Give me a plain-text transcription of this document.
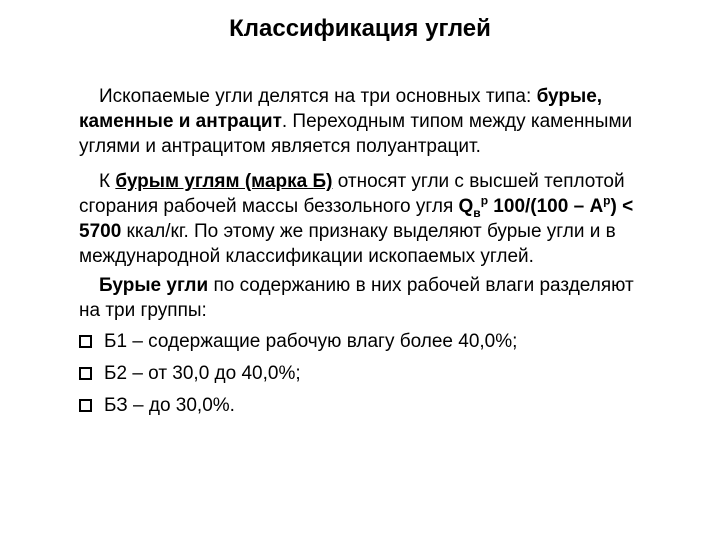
Классификация углей

Ископаемые угли делятся на три основных типа: бурые, каменные и антрацит. Переходным типом между каменными углями и антрацитом является полуантрацит.

К бурым углям (марка Б) относят угли с высшей теплотой сгорания рабочей массы беззольного угля $Q_в^р$ $100/(100 - А^р) < 5700$ ккал/кг. По этому же признаку выделяют бурые угли и в международной классификации ископаемых углей.

Бурые угли по содержанию в них рабочей влаги разделяют на три группы:

Б1 – содержащие рабочую влагу более 40,0%;
Б2 – от 30,0 до 40,0%;
БЗ – до 30,0%.
